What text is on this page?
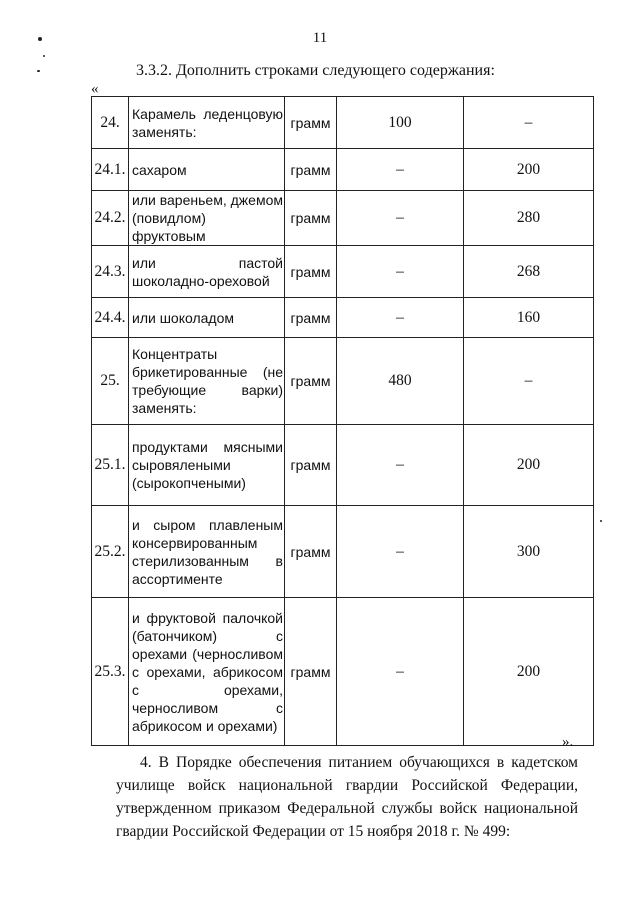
11
3.3.2. Дополнить строками следующего содержания:
«
24.	Карамель леденцовую заменять:	грамм	100	–
24.1.	сахаром	грамм	–	200
24.2.	или вареньем, джемом (повидлом) фруктовым	грамм	–	280
24.3.	или пастой шоколадно-ореховой	грамм	–	268
24.4.	или шоколадом	грамм	–	160
25.	Концентраты брикетированные (не требующие варки) заменять:	грамм	480	–
25.1.	продуктами мясными сыровялеными (сырокопчеными)	грамм	–	200
25.2.	и сыром плавленым консервированным стерилизованным в ассортименте	грамм	–	300
25.3.	и фруктовой палочкой (батончиком) с орехами (черносливом с орехами, абрикосом с орехами, черносливом с абрикосом и орехами)	грамм	–	200
».
4. В Порядке обеспечения питанием обучающихся в кадетском училище войск национальной гвардии Российской Федерации, утвержденном приказом Федеральной службы войск национальной гвардии Российской Федерации от 15 ноября 2018 г. № 499:
